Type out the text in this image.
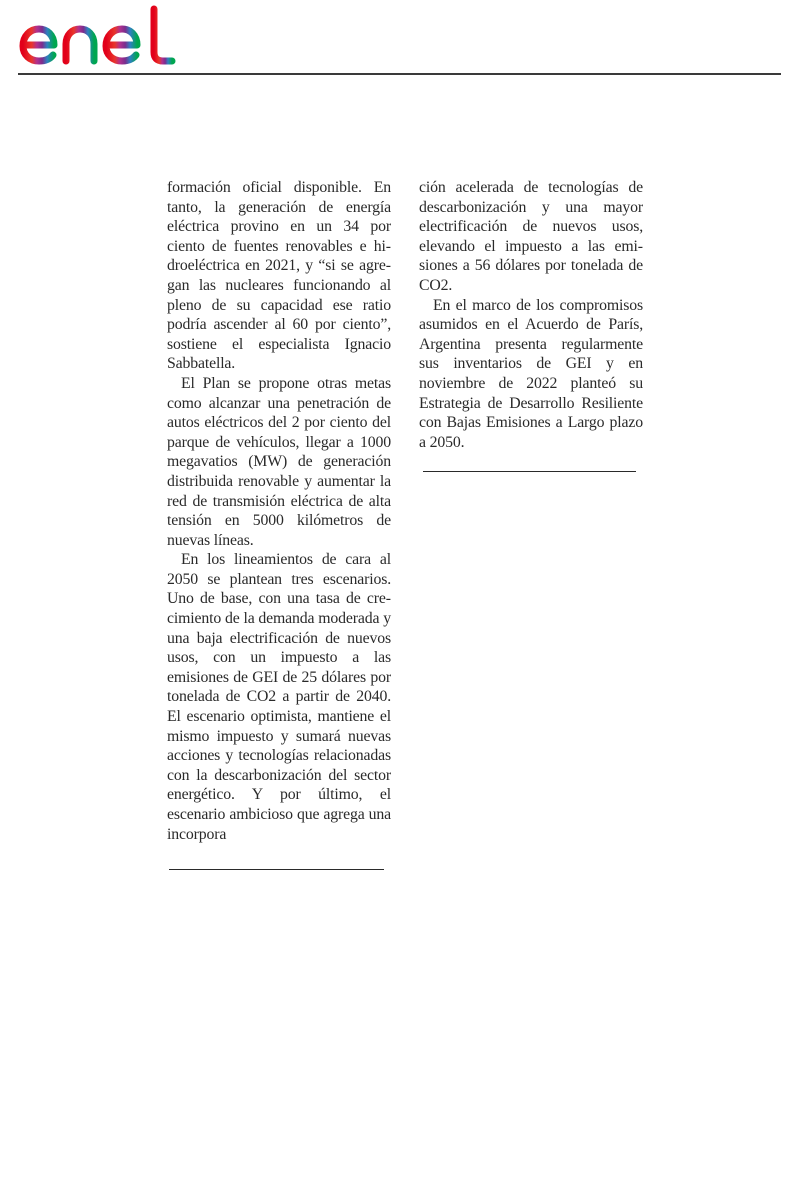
formación oficial disponible. En tanto, la generación de energía eléctrica provino en un 34 por ciento de fuentes renovables e hidroeléctrica en 2021, y “si se agregan las nucleares funcionando al pleno de su capacidad ese ratio podría ascender al 60 por ciento”, sostiene el especialista Ignacio Sabbatella.

El Plan se propone otras metas como alcanzar una penetración de autos eléctricos del 2 por ciento del parque de vehículos, llegar a 1000 megavatios (MW) de generación distribuida renovable y aumentar la red de transmisión eléctrica de alta tensión en 5000 kilómetros de nuevas líneas.

En los lineamientos de cara al 2050 se plantean tres escenarios. Uno de base, con una tasa de crecimiento de la demanda moderada y una baja electrificación de nuevos usos, con un impuesto a las emisiones de GEI de 25 dólares por tonelada de CO2 a partir de 2040. El escenario optimista, mantiene el mismo impuesto y sumará nuevas acciones y tecnologías relacionadas con la descarbonización del sector energético. Y por último, el escenario ambicioso que agrega una incorpora

ción acelerada de tecnologías de descarbonización y una mayor electrificación de nuevos usos, elevando el impuesto a las emisiones a 56 dólares por tonelada de CO2.

En el marco de los compromisos asumidos en el Acuerdo de París, Argentina presenta regularmente sus inventarios de GEI y en noviembre de 2022 planteó su Estrategia de Desarrollo Resiliente con Bajas Emisiones a Largo plazo a 2050.
